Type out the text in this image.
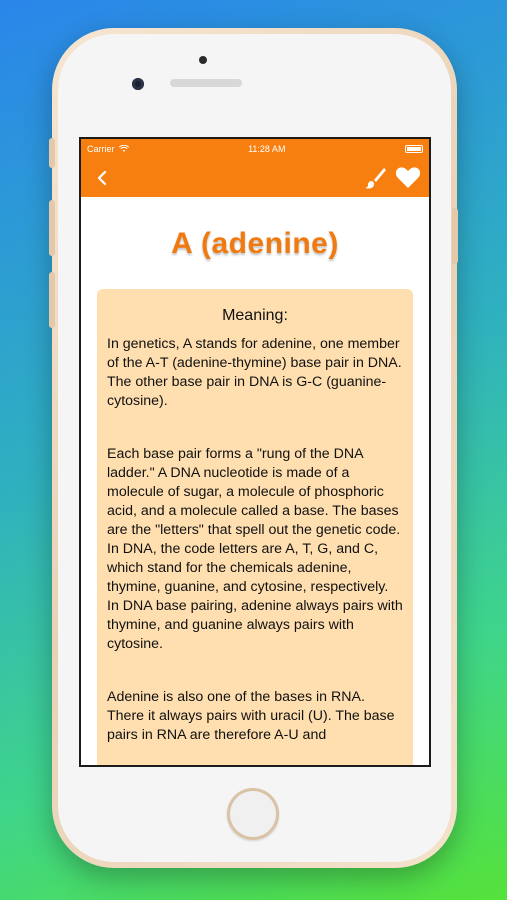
Carrier	11:28 AM
A (adenine)
Meaning:

In genetics, A stands for adenine, one member of the A-T (adenine-thymine) base pair in DNA. The other base pair in DNA is G-C (guanine-cytosine).

Each base pair forms a "rung of the DNA ladder." A DNA nucleotide is made of a molecule of sugar, a molecule of phosphoric acid, and a molecule called a base. The bases are the "letters" that spell out the genetic code. In DNA, the code letters are A, T, G, and C, which stand for the chemicals adenine, thymine, guanine, and cytosine, respectively. In DNA base pairing, adenine always pairs with thymine, and guanine always pairs with cytosine.

Adenine is also one of the bases in RNA. There it always pairs with uracil (U). The base pairs in RNA are therefore A-U and
